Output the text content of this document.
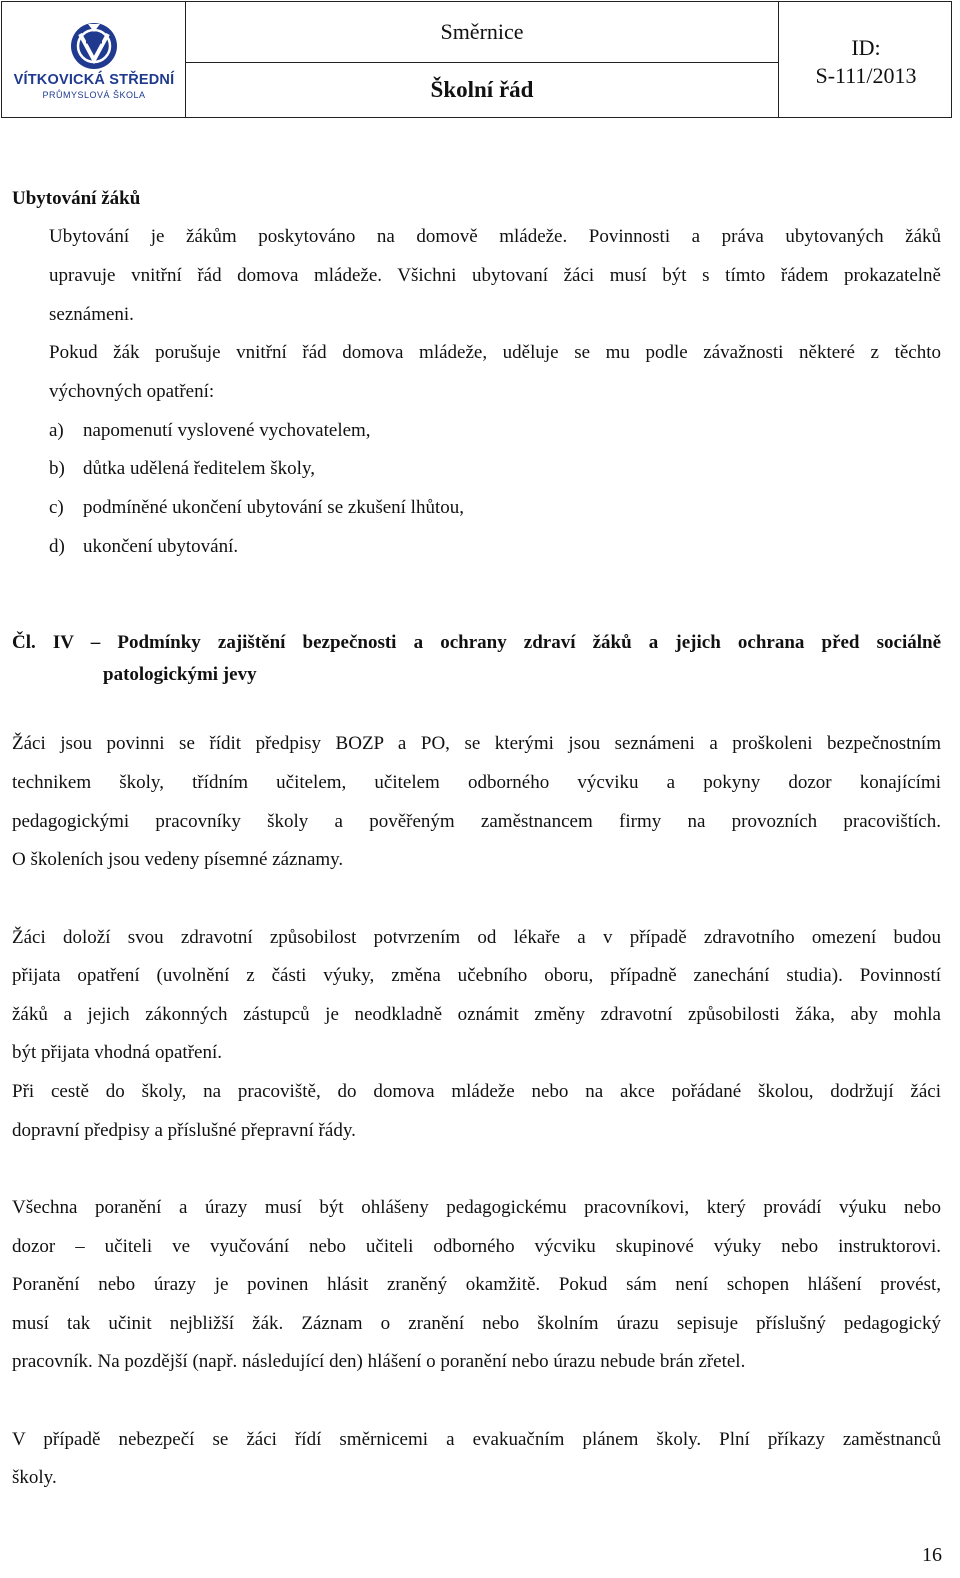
VÍTKOVICKÁ STŘEDNÍ
PRŮMYSLOVÁ ŠKOLA
Směrnice
Školní řád
ID:
S-111/2013
Ubytování žáků
Ubytování je žákům poskytováno na domově mládeže. Povinnosti a práva ubytovaných žáků
upravuje vnitřní řád domova mládeže. Všichni ubytovaní žáci musí být s tímto řádem prokazatelně
seznámeni.
Pokud žák porušuje vnitřní řád domova mládeže, uděluje se mu podle závažnosti některé z těchto
výchovných opatření:
a) napomenutí vyslovené vychovatelem,
b) důtka udělená ředitelem školy,
c) podmíněné ukončení ubytování se zkušení lhůtou,
d) ukončení ubytování.
Čl. IV – Podmínky zajištění bezpečnosti a ochrany zdraví žáků a jejich ochrana před sociálně
patologickými jevy
Žáci jsou povinni se řídit předpisy BOZP a PO, se kterými jsou seznámeni a proškoleni bezpečnostním
technikem školy, třídním učitelem, učitelem odborného výcviku a pokyny dozor konajícími
pedagogickými pracovníky školy a pověřeným zaměstnancem firmy na provozních pracovištích.
O školeních jsou vedeny písemné záznamy.
Žáci doloží svou zdravotní způsobilost potvrzením od lékaře a v případě zdravotního omezení budou
přijata opatření (uvolnění z části výuky, změna učebního oboru, případně zanechání studia). Povinností
žáků a jejich zákonných zástupců je neodkladně oznámit změny zdravotní způsobilosti žáka, aby mohla
být přijata vhodná opatření.
Při cestě do školy, na pracoviště, do domova mládeže nebo na akce pořádané školou, dodržují žáci
dopravní předpisy a příslušné přepravní řády.
Všechna poranění a úrazy musí být ohlášeny pedagogickému pracovníkovi, který provádí výuku nebo
dozor – učiteli ve vyučování nebo učiteli odborného výcviku skupinové výuky nebo instruktorovi.
Poranění nebo úrazy je povinen hlásit zraněný okamžitě. Pokud sám není schopen hlášení provést,
musí tak učinit nejbližší žák. Záznam o zranění nebo školním úrazu sepisuje příslušný pedagogický
pracovník. Na pozdější (např. následující den) hlášení o poranění nebo úrazu nebude brán zřetel.
V případě nebezpečí se žáci řídí směrnicemi a evakuačním plánem školy. Plní příkazy zaměstnanců
školy.
16
